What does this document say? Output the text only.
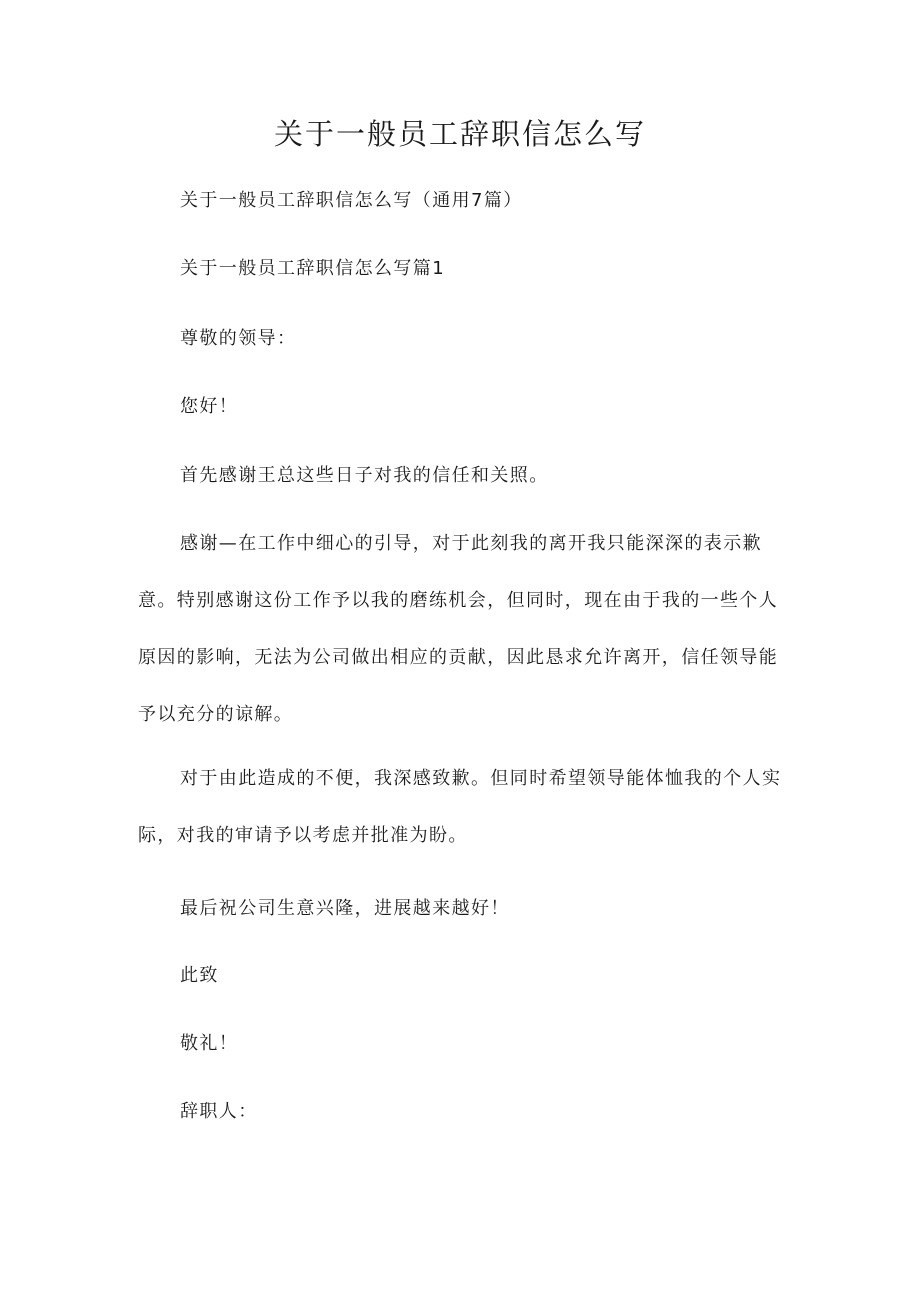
关于一般员工辞职信怎么写

关于一般员工辞职信怎么写（通用7篇）

关于一般员工辞职信怎么写篇1

尊敬的领导：

您好！

首先感谢王总这些日子对我的信任和关照。

感谢—在工作中细心的引导，对于此刻我的离开我只能深深的表示歉意。特别感谢这份工作予以我的磨练机会，但同时，现在由于我的一些个人原因的影响，无法为公司做出相应的贡献，因此恳求允许离开，信任领导能予以充分的谅解。

对于由此造成的不便，我深感致歉。但同时希望领导能体恤我的个人实际，对我的审请予以考虑并批准为盼。

最后祝公司生意兴隆，进展越来越好！

此致

敬礼！

辞职人：
